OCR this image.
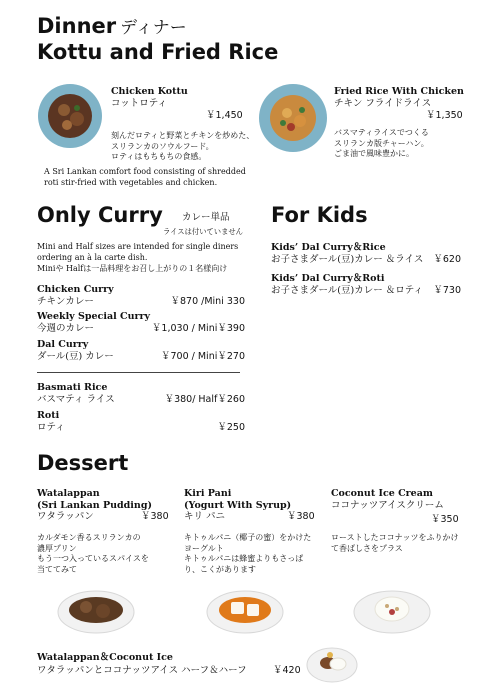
Dinner ディナー
Kottu and Fried Rice
Chicken Kottu
コットロティ
￥1,450
刻んだロティと野菜とチキンを炒めた、
スリランカのソウルフード。
ロティはもちもちの食感。
A Sri Lankan comfort food consisting of shredded
roti stir-fried with vegetables and chicken.
Fried Rice With Chicken
チキン フライドライス
￥1,350
バスマティライスでつくる
スリランカ版チャーハン。
ごま油で風味豊かに。
Only Curry カレー単品
ライスは付いていません
Mini and Half sizes are intended for single diners
ordering an à la carte dish.
Miniや Halfは一品料理をお召し上がりの１名様向け
Chicken Curry
チキンカレー	￥870 /Mini 330
Weekly Special Curry
今週のカレー	￥1,030 / Mini￥390
Dal Curry
ダール(豆) カレー	￥700 / Mini￥270
Basmati Rice
バスマティ ライス	￥380/ Half￥260
Roti
ロティ	￥250
For Kids
Kids’ Dal Curry＆Rice
お子さまダール(豆)カレー ＆ライス ￥620
Kids’ Dal Curry＆Roti
お子さまダール(豆)カレー ＆ロティ ￥730
Dessert
Watalappan
(Sri Lankan Pudding)
ワタラッパン	￥380
カルダモン香るスリランカの
濃厚プリン
もう一つ入っているスパイスを
当ててみて
Kiri Pani
(Yogurt With Syrup)
キリ パニ	￥380
キトゥルパニ（椰子の蜜）をかけた
ヨーグルト
キトゥルパニは蜂蜜よりもさっぱ
り、こくがあります
Coconut Ice Cream
ココナッツアイスクリーム
￥350
ローストしたココナッツをふりかけ
て香ばしさをプラス
Watalappan＆Coconut Ice
ワタラッパンとココナッツアイス ハーフ＆ハーフ	￥420
